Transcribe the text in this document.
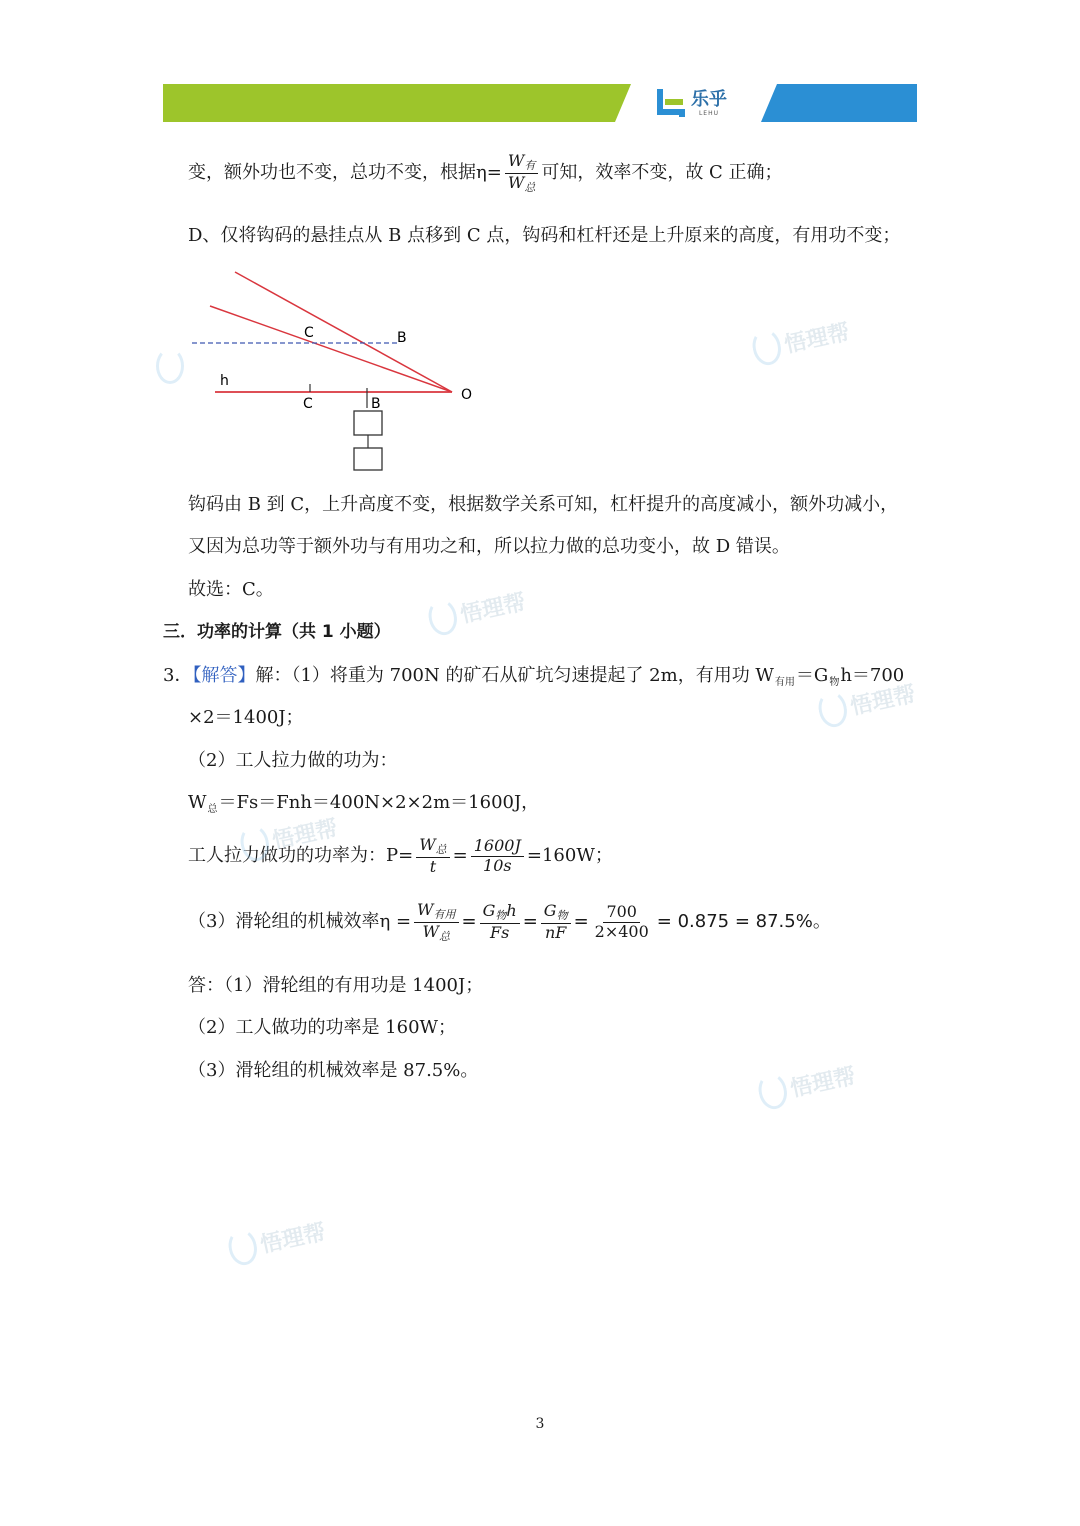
乐乎
LEHU
变，额外功也不变，总功不变，根据$\eta= \frac{\text{W有}}{\text{W总}}$ 可知，效率不变，故 C 正确；
D、仅将钩码的悬挂点从 B 点移到 C 点，钩码和杠杆还是上升原来的高度，有用功不变；
C	B
h
C	B
O
钩码由 B 到 C，上升高度不变，根据数学关系可知，杠杆提升的高度减小，额外功减小，
又因为总功等于额外功与有用功之和，所以拉力做的总功变小，故 D 错误。
故选：C。
三．功率的计算（共 1 小题）
3．【解答】解：（1）将重为 700N 的矿石从矿坑匀速提起了 2m，有用功 $W_{有用}=G_物h=700$
×2＝1400J；
（2）工人拉力做的功为：
$W_总=Fs=Fnh=400N\times 2\times 2m=1600J$，
工人拉力做功的功率为：$P= \frac{\text{W总}}{t} = \frac{1600J}{10s} =160W$；
（3）滑轮组的机械效率$\eta = \frac{\text{W有用}}{\text{W总}} = \frac{\text{G物h}}{Fs} = \frac{\text{G物}}{nF} = \frac{700}{2\times 400} = 0.875 = 87.5\%$。
答：（1）滑轮组的有用功是 1400J；
（2）工人做功的功率是 160W；
（3）滑轮组的机械效率是 87.5%。
悟理帮
悟理帮
悟理帮
悟理帮
悟理帮
悟理帮
3
